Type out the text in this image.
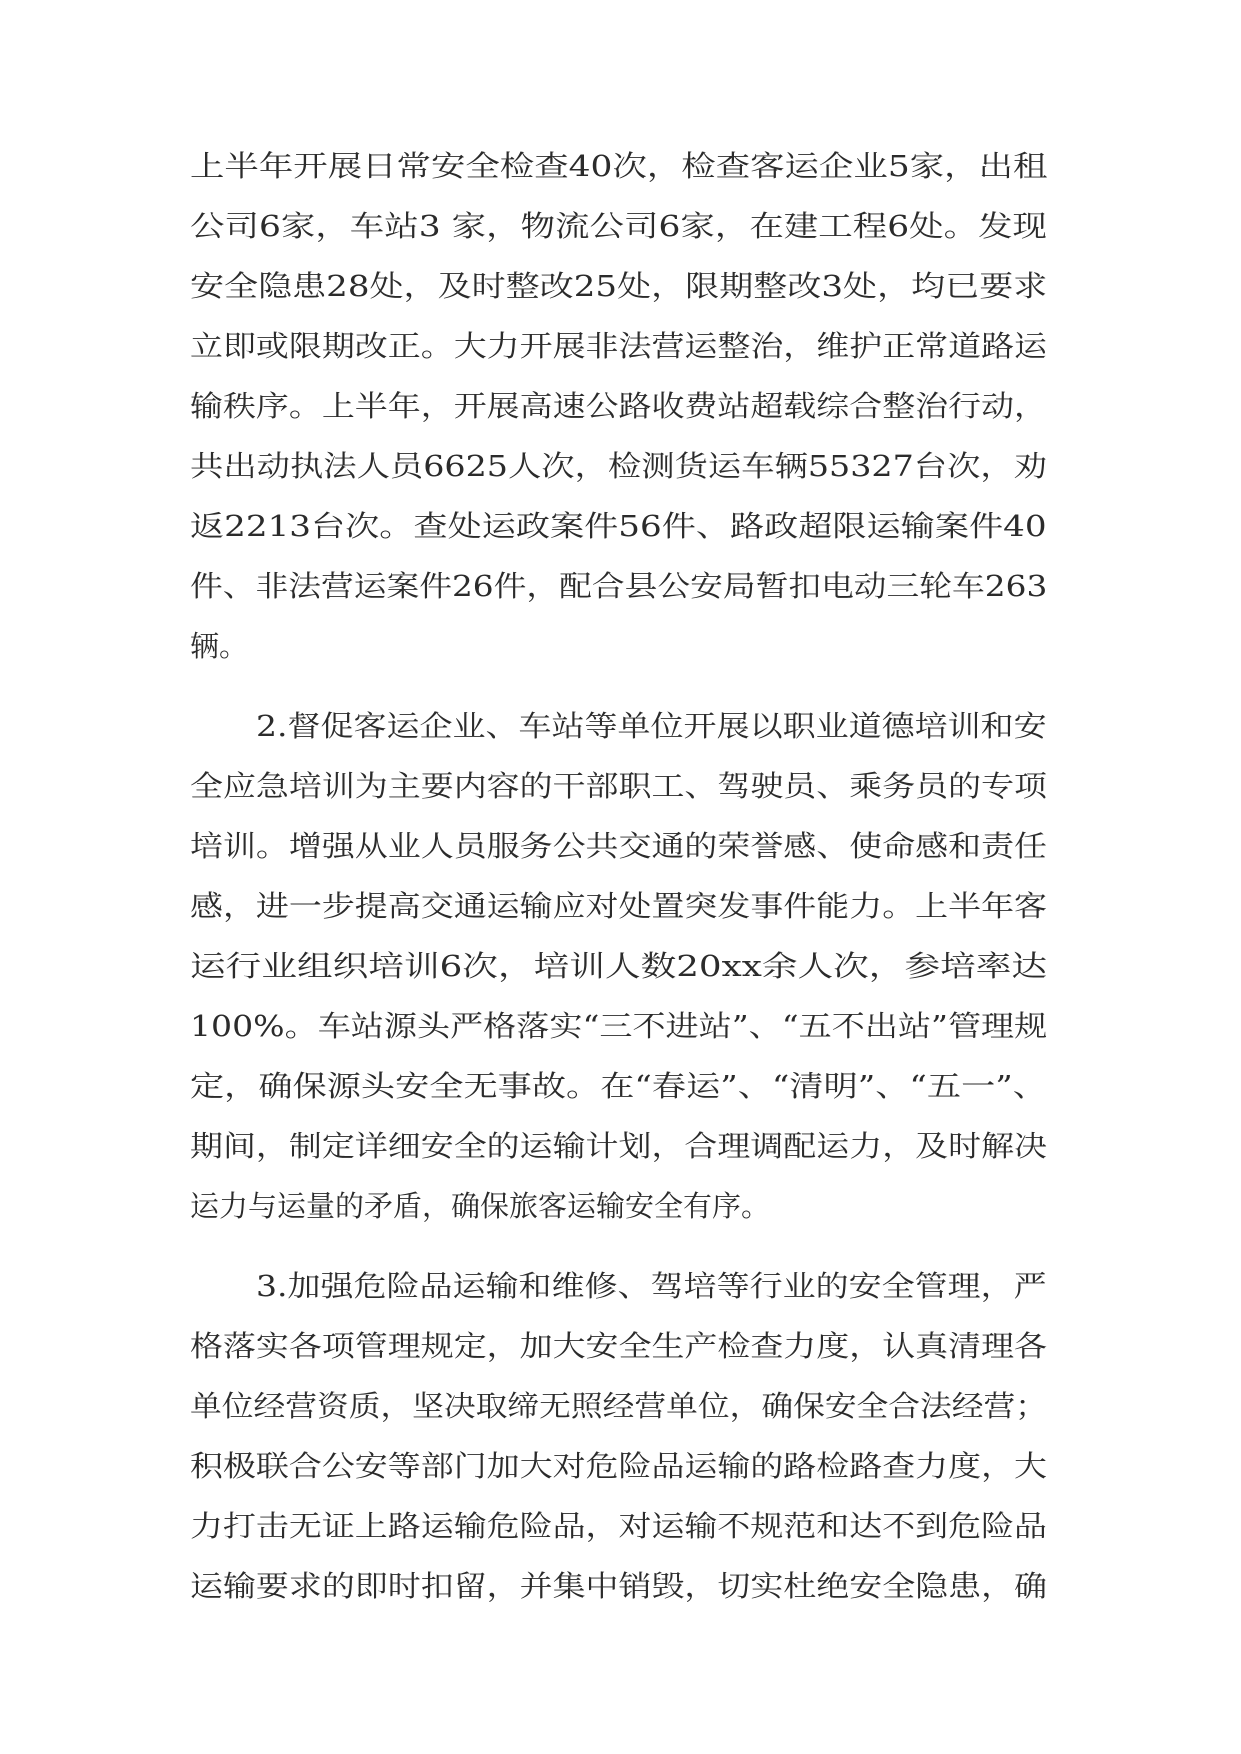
上半年开展日常安全检查40次，检查客运企业5家，出租
公司6家，车站3 家，物流公司6家，在建工程6处。发现
安全隐患28处，及时整改25处，限期整改3处，均已要求
立即或限期改正。大力开展非法营运整治，维护正常道路运
输秩序。上半年，开展高速公路收费站超载综合整治行动，
共出动执法人员6625人次，检测货运车辆55327台次，劝
返2213台次。查处运政案件56件、路政超限运输案件40
件、非法营运案件26件，配合县公安局暂扣电动三轮车263
辆。
2.督促客运企业、车站等单位开展以职业道德培训和安
全应急培训为主要内容的干部职工、驾驶员、乘务员的专项
培训。增强从业人员服务公共交通的荣誉感、使命感和责任
感，进一步提高交通运输应对处置突发事件能力。上半年客
运行业组织培训6次，培训人数20xx余人次，参培率达
100%。车站源头严格落实“三不进站”、“五不出站”管理规
定，确保源头安全无事故。在“春运”、“清明”、“五一”、
期间，制定详细安全的运输计划，合理调配运力，及时解决
运力与运量的矛盾，确保旅客运输安全有序。
3.加强危险品运输和维修、驾培等行业的安全管理，严
格落实各项管理规定，加大安全生产检查力度，认真清理各
单位经营资质，坚决取缔无照经营单位，确保安全合法经营；
积极联合公安等部门加大对危险品运输的路检路查力度，大
力打击无证上路运输危险品，对运输不规范和达不到危险品
运输要求的即时扣留，并集中销毁，切实杜绝安全隐患，确
